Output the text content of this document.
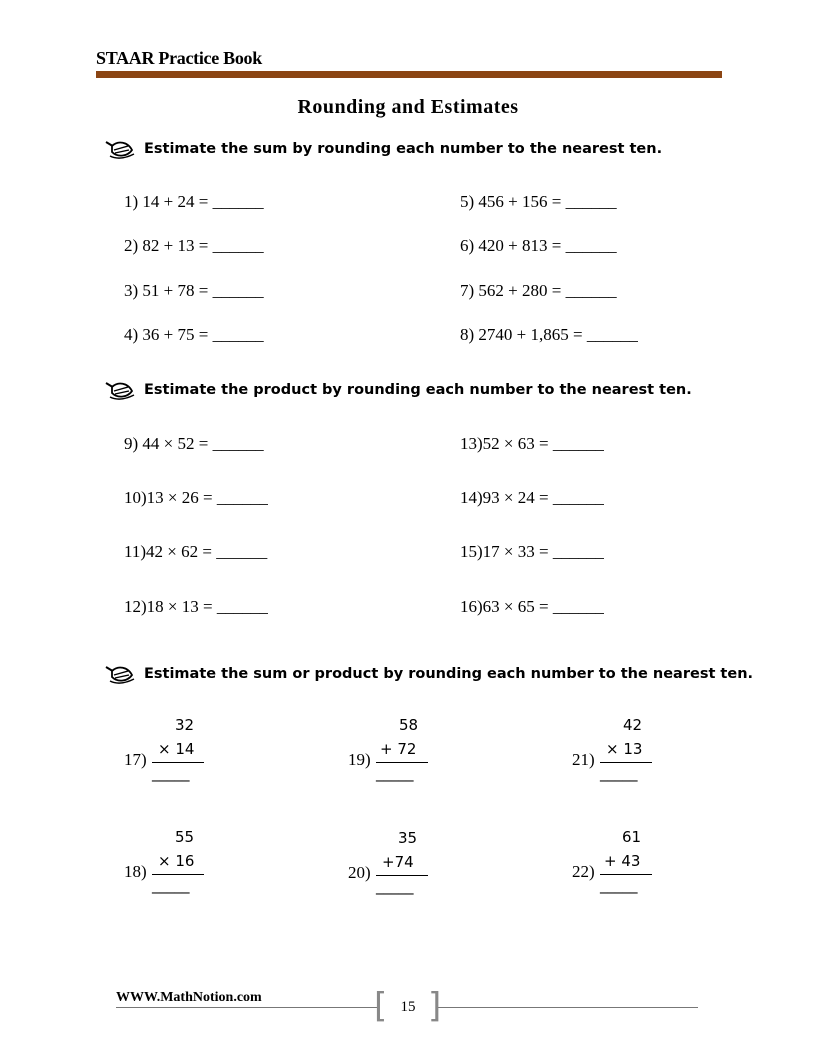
STAAR Practice Book
Rounding and Estimates
Estimate the sum by rounding each number to the nearest ten.
1) 14 + 24 = ______
2) 82 + 13 = ______
3) 51 + 78 = ______
4) 36 + 75 = ______
5) 456 + 156 = ______
6) 420 + 813 = ______
7) 562 + 280 = ______
8) 2740 + 1,865 = ______
Estimate the product by rounding each number to the nearest ten.
9) 44 × 52 = ______
10)13 × 26 = ______
11)42 × 62 = ______
12)18 × 13 = ______
13)52 × 63 = ______
14)93 × 24 = ______
15)17 × 33 = ______
16)63 × 65 = ______
Estimate the sum or product by rounding each number to the nearest ten.
32
× 14
17)
_____
58
+ 72
19)
_____
42
× 13
21)
_____
55
× 16
18)
_____
35
+74
20)
_____
61
+ 43
22)
_____
WWW.MathNotion.com	[ ]
15
